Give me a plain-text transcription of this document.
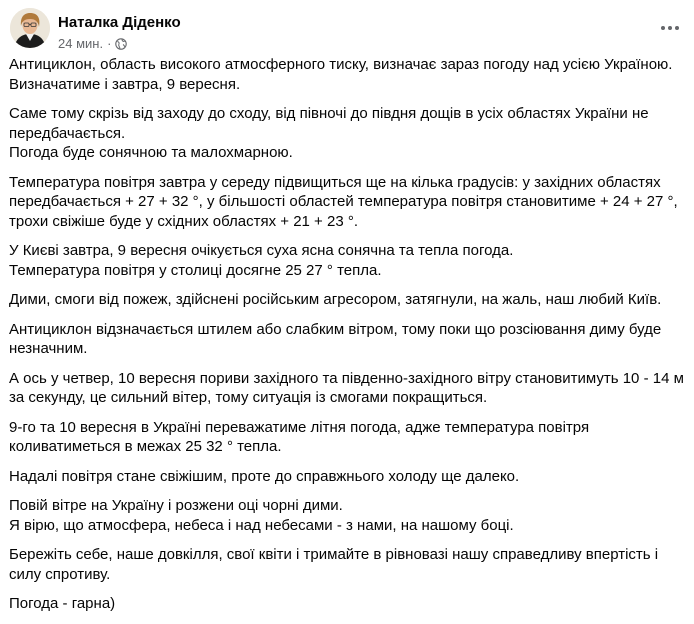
Наталка Діденко
24 мин. ·

Антициклон, область високого атмосферного тиску, визначає зараз погоду над усією Україною.
Визначатиме і завтра, 9 вересня.

Саме тому скрізь від заходу до сходу, від півночі до півдня дощів в усіх областях України не передбачається.
Погода буде сонячною та малохмарною.

Температура повітря завтра у середу підвищиться ще на кілька градусів: у західних областях передбачається + 27 + 32 °, у більшості областей температура повітря становитиме + 24 + 27 °, трохи свіжіше буде у східних областях + 21 + 23 °.

У Києві завтра, 9 вересня очікується суха ясна сонячна та тепла погода.
Температура повітря у столиці досягне 25 27 ° тепла.

Дими, смоги від пожеж, здійснені російським агресором, затягнули, на жаль, наш любий Київ.

Антициклон відзначається штилем або слабким вітром, тому поки що розсіювання диму буде незначним.

А ось у четвер, 10 вересня пориви західного та південно-західного вітру становитимуть 10 - 14 м за секунду, це сильний вітер, тому ситуація із смогами покращиться.

9-го та 10 вересня в Україні переважатиме літня погода, адже температура повітря коливатиметься в межах 25 32 ° тепла.

Надалі повітря стане свіжішим, проте до справжнього холоду ще далеко.

Повій вітре на Україну і розжени оці чорні дими.
Я вірю, що атмосфера, небеса і над небесами - з нами, на нашому боці.

Бережіть себе, наше довкілля, свої квіти і тримайте в рівновазі нашу справедливу впертість і силу спротиву.

Погода - гарна)
